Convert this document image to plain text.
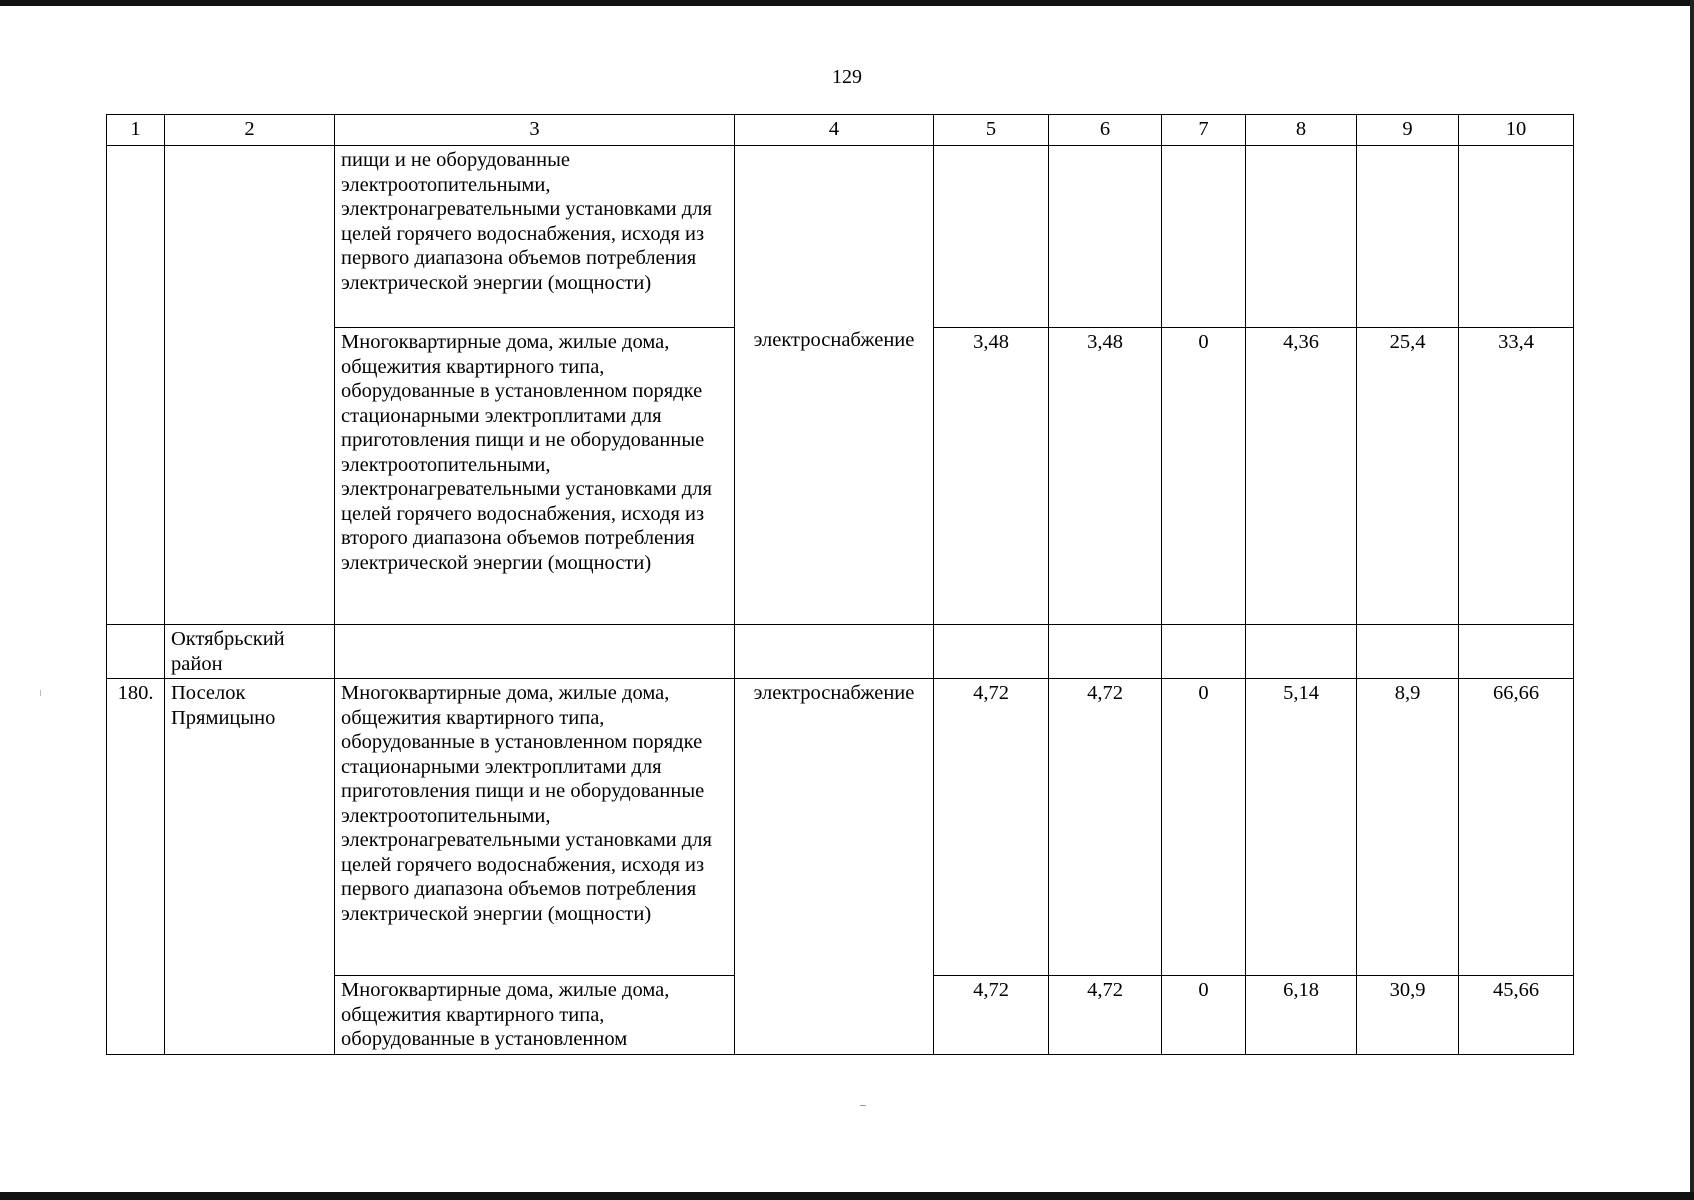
129
1	2	3	4	5	6	7	8	9	10
		пищи и не оборудованные электроотопительными, электронагревательными установками для целей горячего водоснабжения, исходя из первого диапазона объемов потребления электрической энергии (мощности)	электроснабжение						
		Многоквартирные дома, жилые дома, общежития квартирного типа, оборудованные в установленном порядке стационарными электроплитами для приготовления пищи и не оборудованные электроотопительными, электронагревательными установками для целей горячего водоснабжения, исходя из второго диапазона объемов потребления электрической энергии (мощности)		3,48	3,48	0	4,36	25,4	33,4
	Октябрьский район								
180.	Поселок Прямицыно	Многоквартирные дома, жилые дома, общежития квартирного типа, оборудованные в установленном порядке стационарными электроплитами для приготовления пищи и не оборудованные электроотопительными, электронагревательными установками для целей горячего водоснабжения, исходя из первого диапазона объемов потребления электрической энергии (мощности)	электроснабжение	4,72	4,72	0	5,14	8,9	66,66
		Многоквартирные дома, жилые дома, общежития квартирного типа, оборудованные в установленном		4,72	4,72	0	6,18	30,9	45,66
